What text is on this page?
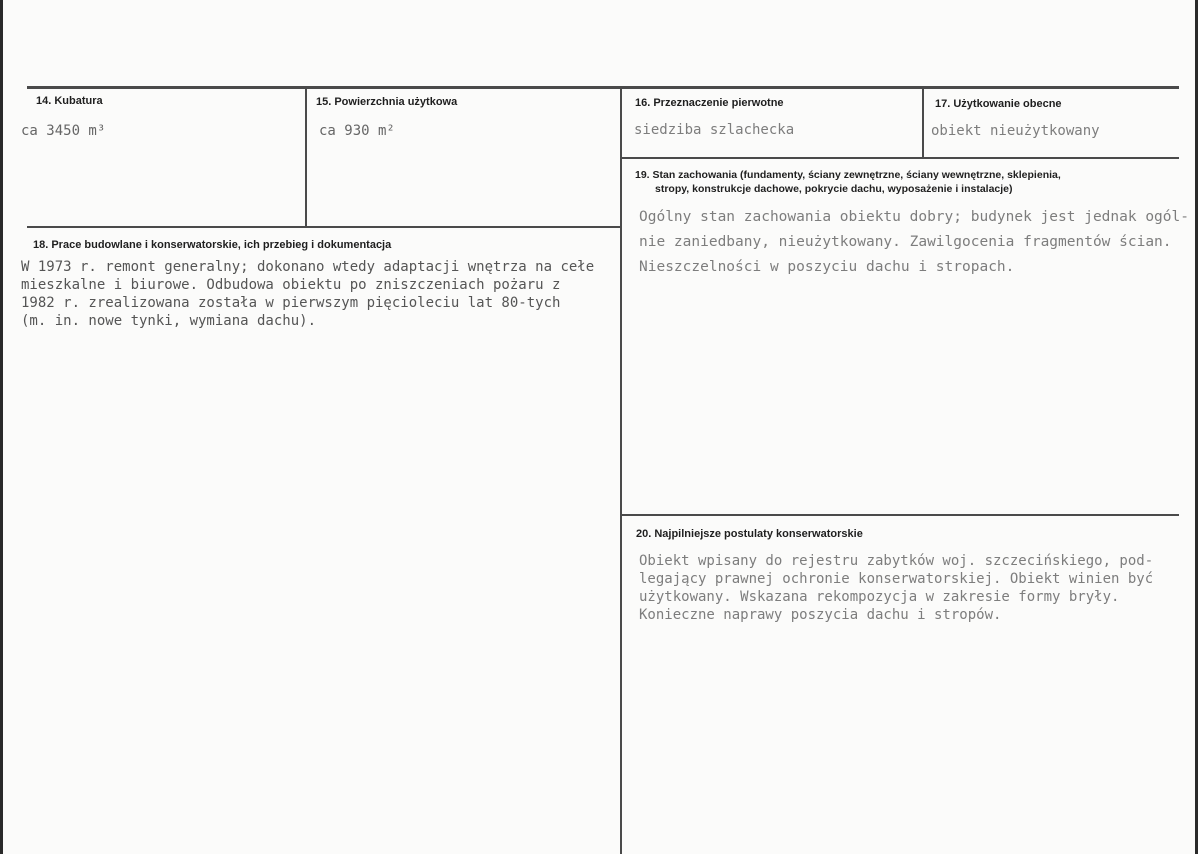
14. Kubatura
ca 3450 m³
15. Powierzchnia użytkowa
ca 930 m²
16. Przeznaczenie pierwotne
siedziba szlachecka
17. Użytkowanie obecne
obiekt nieużytkowany
19. Stan zachowania (fundamenty, ściany zewnętrzne, ściany wewnętrzne, sklepienia,
stropy, konstrukcje dachowe, pokrycie dachu, wyposażenie i instalacje)
Ogólny stan zachowania obiektu dobry; budynek jest jednak ogól-
nie zaniedbany, nieużytkowany. Zawilgocenia fragmentów ścian.
Nieszczelności w poszyciu dachu i stropach.
18. Prace budowlane i konserwatorskie, ich przebieg i dokumentacja
W 1973 r. remont generalny; dokonano wtedy adaptacji wnętrza na cełe
mieszkalne i biurowe. Odbudowa obiektu po zniszczeniach pożaru z
1982 r. zrealizowana została w pierwszym pięcioleciu lat 80-tych
(m. in. nowe tynki, wymiana dachu).
20. Najpilniejsze postulaty konserwatorskie
Obiekt wpisany do rejestru zabytków woj. szczecińskiego, pod-
legający prawnej ochronie konserwatorskiej. Obiekt winien być
użytkowany. Wskazana rekompozycja w zakresie formy bryły.
Konieczne naprawy poszycia dachu i stropów.
